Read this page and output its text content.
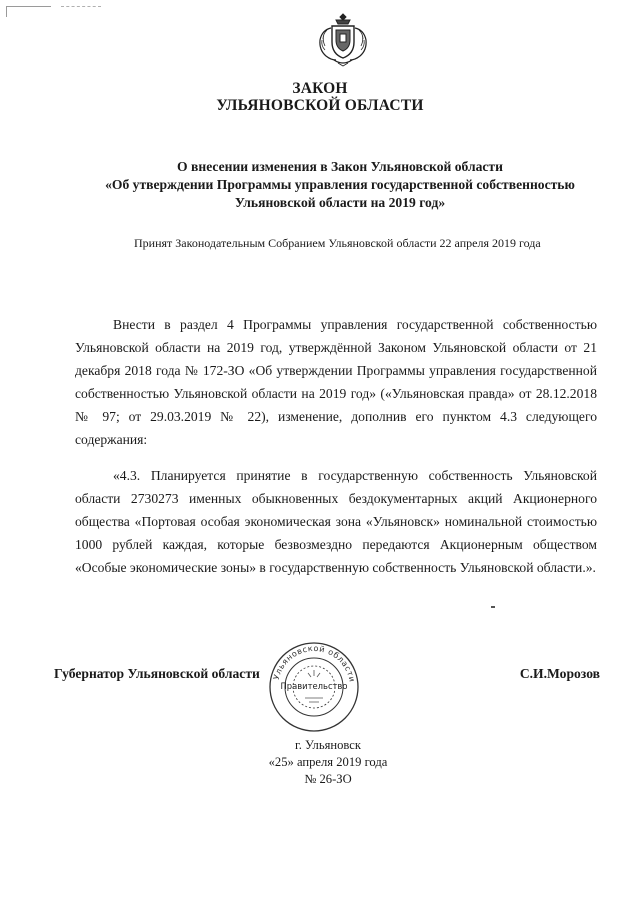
ЗАКОН
УЛЬЯНОВСКОЙ ОБЛАСТИ
О внесении изменения в Закон Ульяновской области
«Об утверждении Программы управления государственной собственностью
Ульяновской области на 2019 год»
Принят Законодательным Собранием Ульяновской области 22 апреля 2019 года
Внести в раздел 4 Программы управления государственной собственностью Ульяновской области на 2019 год, утверждённой Законом Ульяновской области от 21 декабря 2018 года № 172-ЗО «Об утверждении Программы управления государственной собственностью Ульяновской области на 2019 год» («Ульяновская правда» от 28.12.2018 № 97; от 29.03.2019 № 22), изменение, дополнив его пунктом 4.3 следующего содержания:
«4.3. Планируется принятие в государственную собственность Ульяновской области 2730273 именных обыкновенных бездокументарных акций Акционерного общества «Портовая особая экономическая зона «Ульяновск» номинальной стоимостью 1000 рублей каждая, которые безвозмездно передаются Акционерным обществом «Особые экономические зоны» в государственную собственность Ульяновской области.».
Губернатор Ульяновской области	С.И.Морозов
Ульяновской области
Правительство
г. Ульяновск
«25» апреля 2019 года
№ 26-ЗО
